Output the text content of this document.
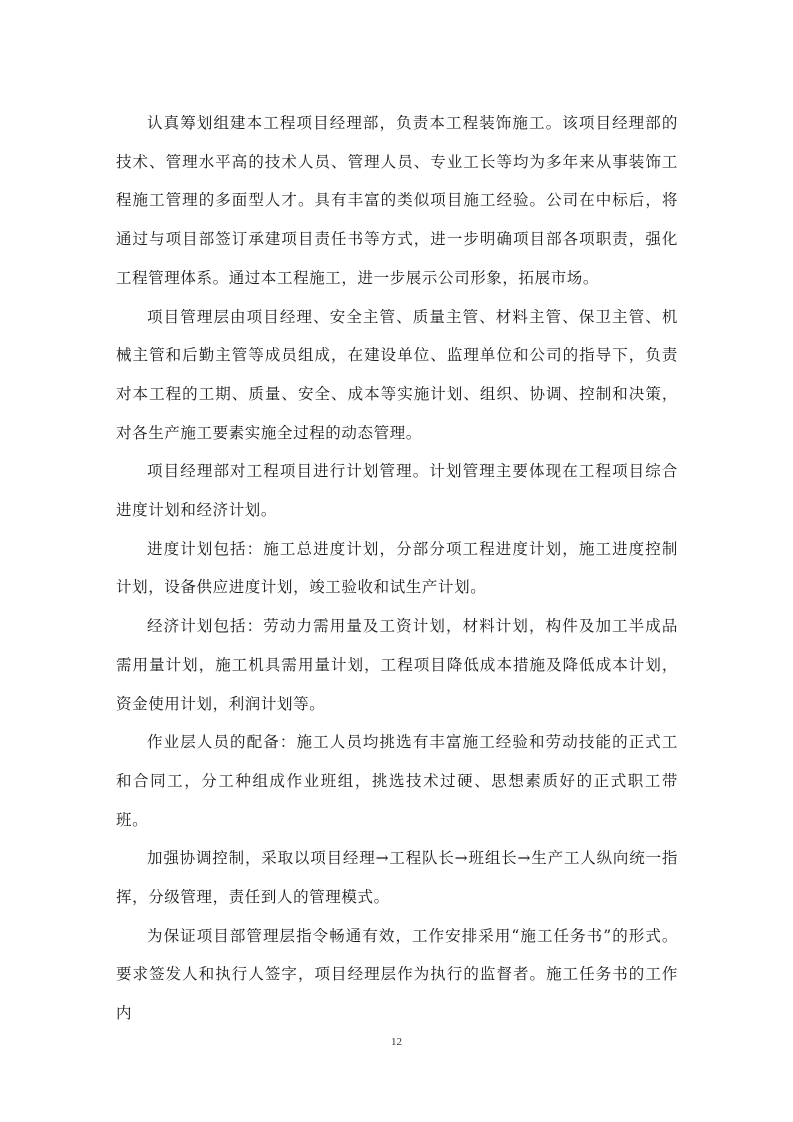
认真筹划组建本工程项目经理部，负责本工程装饰施工。该项目经理部的技术、管理水平高的技术人员、管理人员、专业工长等均为多年来从事装饰工程施工管理的多面型人才。具有丰富的类似项目施工经验。公司在中标后，将通过与项目部签订承建项目责任书等方式，进一步明确项目部各项职责，强化工程管理体系。通过本工程施工，进一步展示公司形象，拓展市场。

项目管理层由项目经理、安全主管、质量主管、材料主管、保卫主管、机械主管和后勤主管等成员组成，在建设单位、监理单位和公司的指导下，负责对本工程的工期、质量、安全、成本等实施计划、组织、协调、控制和决策，对各生产施工要素实施全过程的动态管理。

项目经理部对工程项目进行计划管理。计划管理主要体现在工程项目综合进度计划和经济计划。

进度计划包括：施工总进度计划，分部分项工程进度计划，施工进度控制计划，设备供应进度计划，竣工验收和试生产计划。

经济计划包括：劳动力需用量及工资计划，材料计划，构件及加工半成品需用量计划，施工机具需用量计划，工程项目降低成本措施及降低成本计划，资金使用计划，利润计划等。

作业层人员的配备：施工人员均挑选有丰富施工经验和劳动技能的正式工和合同工，分工种组成作业班组，挑选技术过硬、思想素质好的正式职工带班。

加强协调控制，采取以项目经理→工程队长→班组长→生产工人纵向统一指挥，分级管理，责任到人的管理模式。

为保证项目部管理层指令畅通有效，工作安排采用“施工任务书”的形式。要求签发人和执行人签字，项目经理层作为执行的监督者。施工任务书的工作内

12
